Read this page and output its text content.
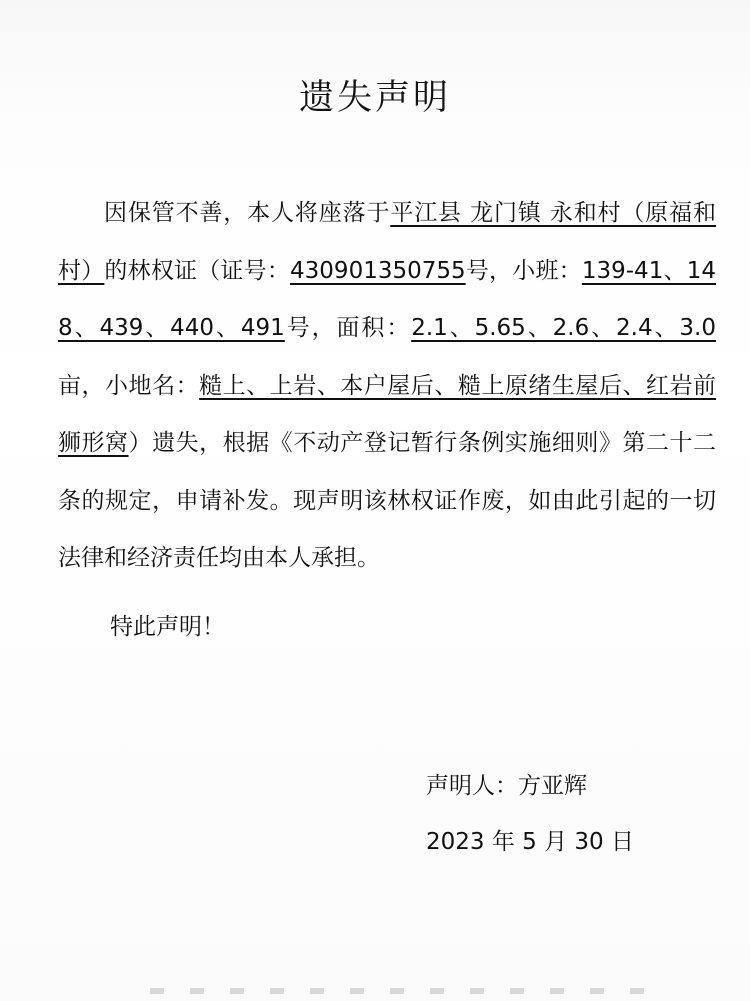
遗失声明

因保管不善，本人将座落于平江县 龙门镇 永和村（原福和村）的林权证（证号：430901350755号，小班：139-41、148、439、440、491号，面积：2.1、5.65、2.6、2.4、3.0亩，小地名：糙上、上岩、本户屋后、糙上原绪生屋后、红岩前狮形窝）遗失，根据《不动产登记暂行条例实施细则》第二十二条的规定，申请补发。现声明该林权证作废，如由此引起的一切法律和经济责任均由本人承担。

特此声明！
声明人：方亚辉
2023 年 5 月 30 日
